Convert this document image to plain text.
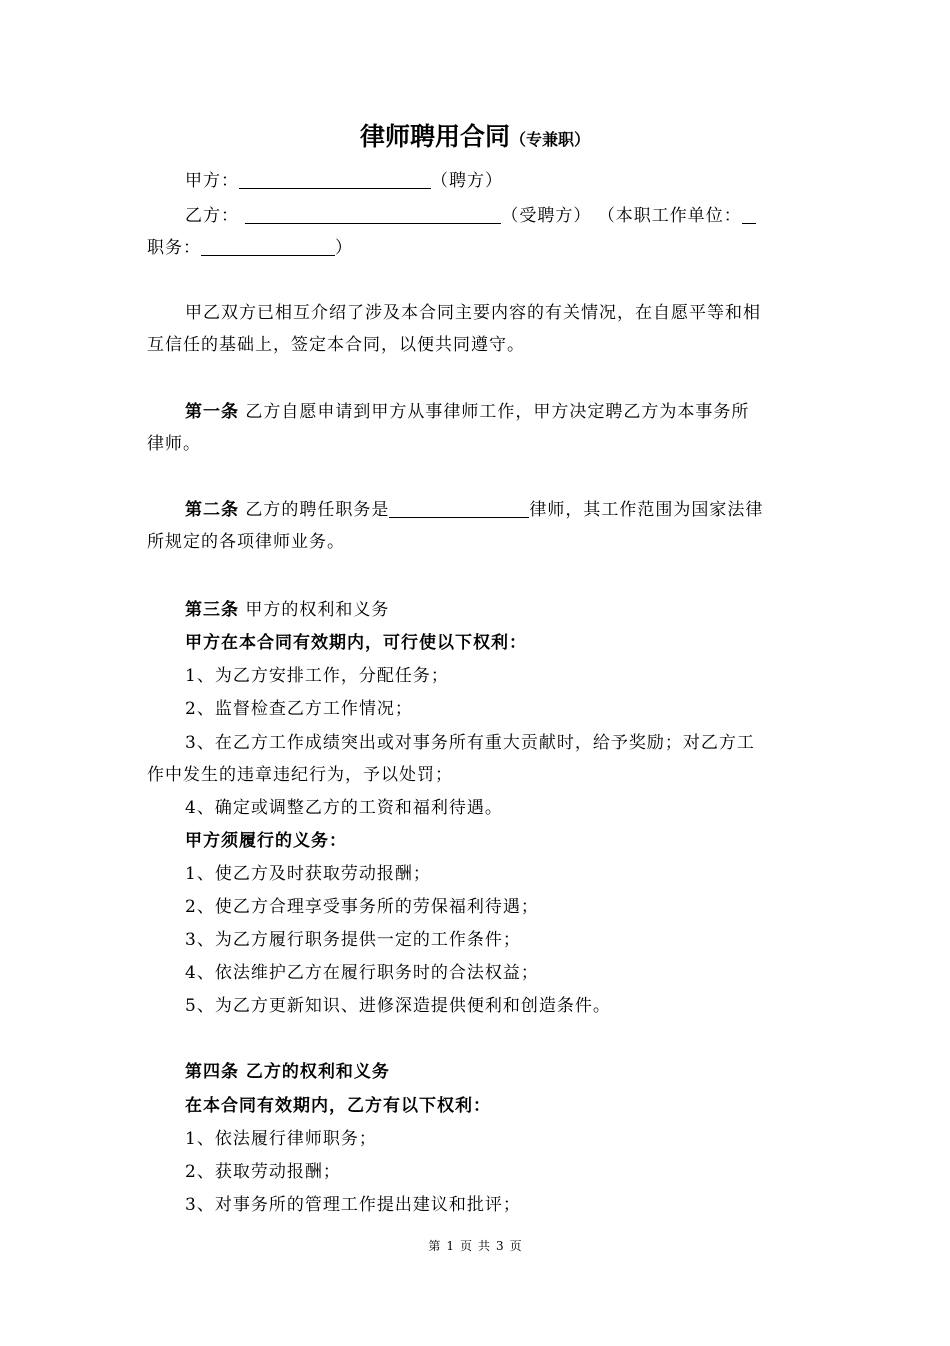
律师聘用合同（专兼职）
甲方：	（聘方）
乙方：	（受聘方） （本职工作单位：
职务：	）
甲乙双方已相互介绍了涉及本合同主要内容的有关情况，在自愿平等和相
互信任的基础上，签定本合同，以便共同遵守。
第一条 乙方自愿申请到甲方从事律师工作，甲方决定聘乙方为本事务所
律师。
第二条 乙方的聘任职务是	律师，其工作范围为国家法律
所规定的各项律师业务。
第三条 甲方的权利和义务
甲方在本合同有效期内，可行使以下权利：
1、为乙方安排工作，分配任务；
2、监督检查乙方工作情况；
3、在乙方工作成绩突出或对事务所有重大贡献时，给予奖励；对乙方工
作中发生的违章违纪行为，予以处罚；
4、确定或调整乙方的工资和福利待遇。
甲方须履行的义务：
1、使乙方及时获取劳动报酬；
2、使乙方合理享受事务所的劳保福利待遇；
3、为乙方履行职务提供一定的工作条件；
4、依法维护乙方在履行职务时的合法权益；
5、为乙方更新知识、进修深造提供便利和创造条件。
第四条 乙方的权利和义务
在本合同有效期内，乙方有以下权利：
1、依法履行律师职务；
2、获取劳动报酬；
3、对事务所的管理工作提出建议和批评；
第 1 页 共 3 页
